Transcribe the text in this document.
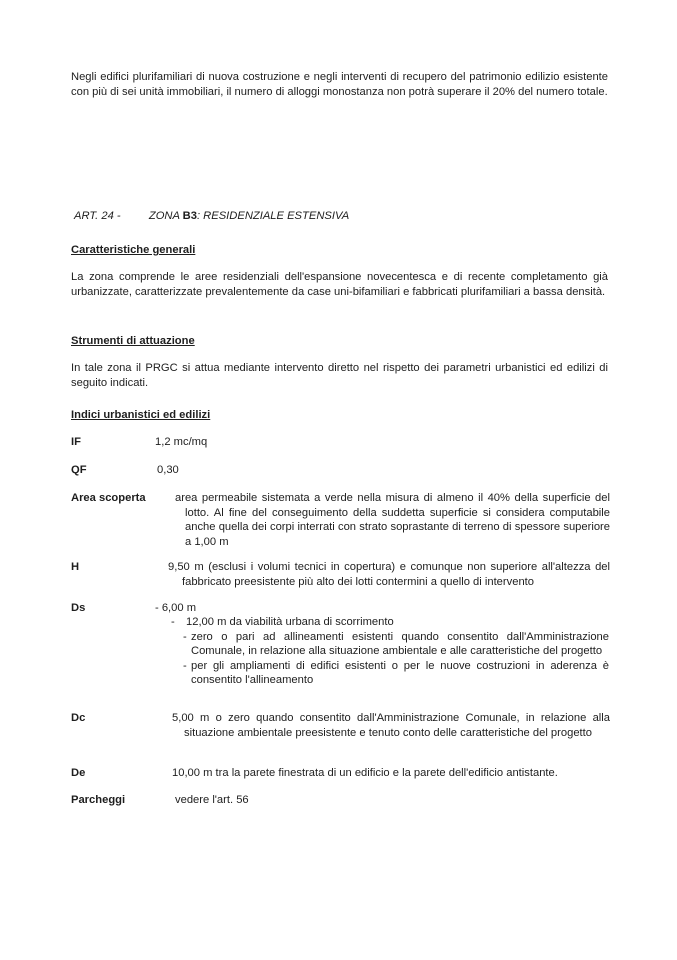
Negli edifici plurifamiliari di nuova costruzione e negli interventi di recupero del patrimonio edilizio esistente con più di sei unità immobiliari, il numero di alloggi monostanza non potrà superare il 20% del numero totale.

ART. 24 -	ZONA B3: RESIDENZIALE ESTENSIVA
Caratteristiche generali

La zona comprende le aree residenziali dell'espansione novecentesca e di recente completamento già urbanizzate, caratterizzate prevalentemente da case uni-bifamiliari e fabbricati plurifamiliari a bassa densità.

Strumenti di attuazione

In tale zona il PRGC si attua mediante intervento diretto nel rispetto dei parametri urbanistici ed edilizi di seguito indicati.

Indici urbanistici ed edilizi
IF	1,2 mc/mq
QF	0,30
Area scoperta	area permeabile sistemata a verde nella misura di almeno il 40% della superficie del lotto. Al fine del conseguimento della suddetta superficie si considera computabile anche quella dei corpi interrati con strato soprastante di terreno di spessore superiore a 1,00 m
H	9,50 m (esclusi i volumi tecnici in copertura) e comunque non superiore all'altezza del fabbricato preesistente più alto dei lotti contermini a quello di intervento
Ds	- 6,00 m
- 12,00 m da viabilità urbana di scorrimento
- zero o pari ad allineamenti esistenti quando consentito dall'Amministrazione Comunale, in relazione alla situazione ambientale e alle caratteristiche del progetto
- per gli ampliamenti di edifici esistenti o per le nuove costruzioni in aderenza è consentito l'allineamento
Dc	5,00 m o zero quando consentito dall'Amministrazione Comunale, in relazione alla situazione ambientale preesistente e tenuto conto delle caratteristiche del progetto
De	10,00 m tra la parete finestrata di un edificio e la parete dell'edificio antistante.
Parcheggi	vedere l'art. 56
